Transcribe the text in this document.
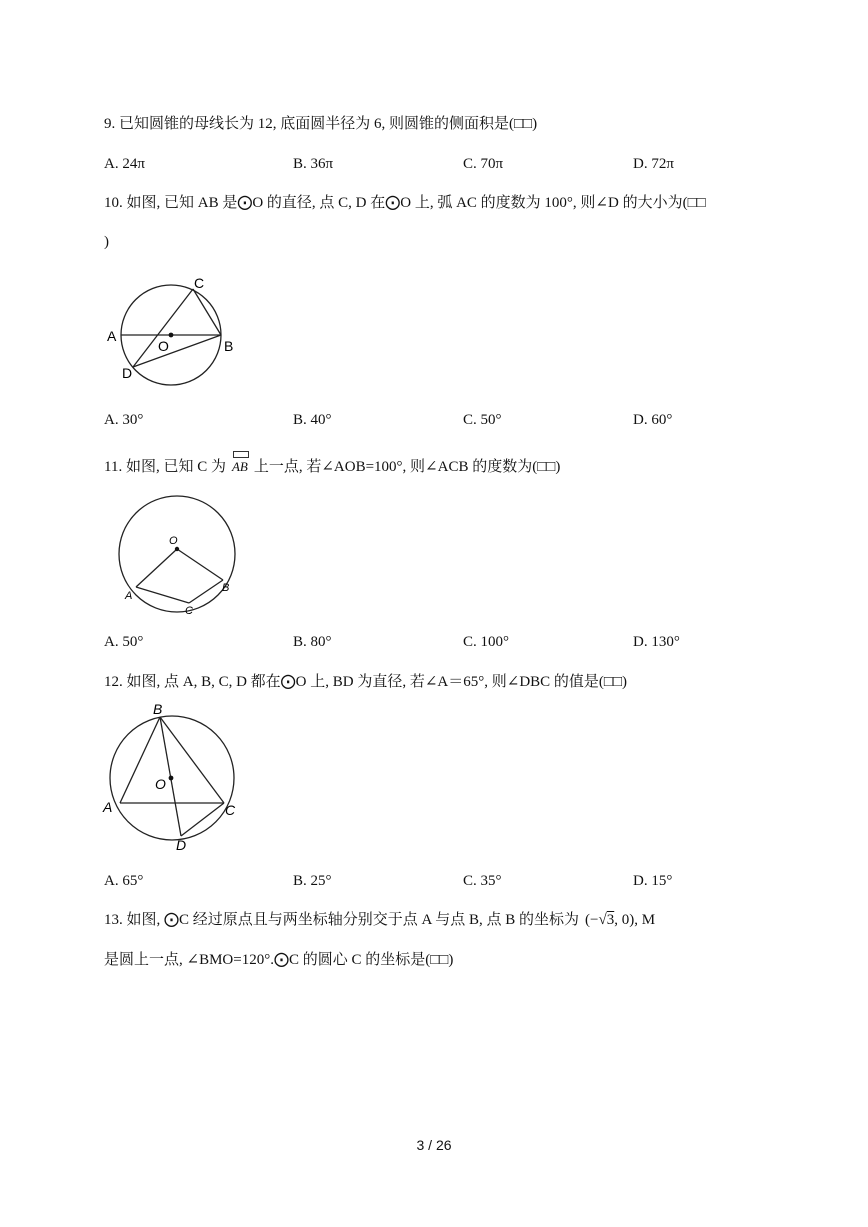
9. 已知圆锥的母线长为 12, 底面圆半径为 6, 则圆锥的侧面积是(□□)
A. 24π	B. 36π	C. 70π	D. 72π
10. 如图, 已知 AB 是⨀O 的直径, 点 C, D 在⨀O 上, 弧 AC 的度数为 100°, 则∠D 的大小为(□□
)
A
B
C
D
O
A. 30°	B. 40°	C. 50°	D. 60°
11. 如图, 已知 C 为 AB 上一点, 若∠AOB=100°, 则∠ACB 的度数为(□□)
O
A
B
C
A. 50°	B. 80°	C. 100°	D. 130°
12. 如图, 点 A, B, C, D 都在⨀O 上, BD 为直径, 若∠A＝65°, 则∠DBC 的值是(□□)
B
A	C
D
O
A. 65°	B. 25°	C. 35°	D. 15°
13. 如图, ⨀C 经过原点且与两坐标轴分别交于点 A 与点 B, 点 B 的坐标为 (−√3, 0), M
是圆上一点, ∠BMO=120°.⨀C 的圆心 C 的坐标是(□□)
3 / 26
